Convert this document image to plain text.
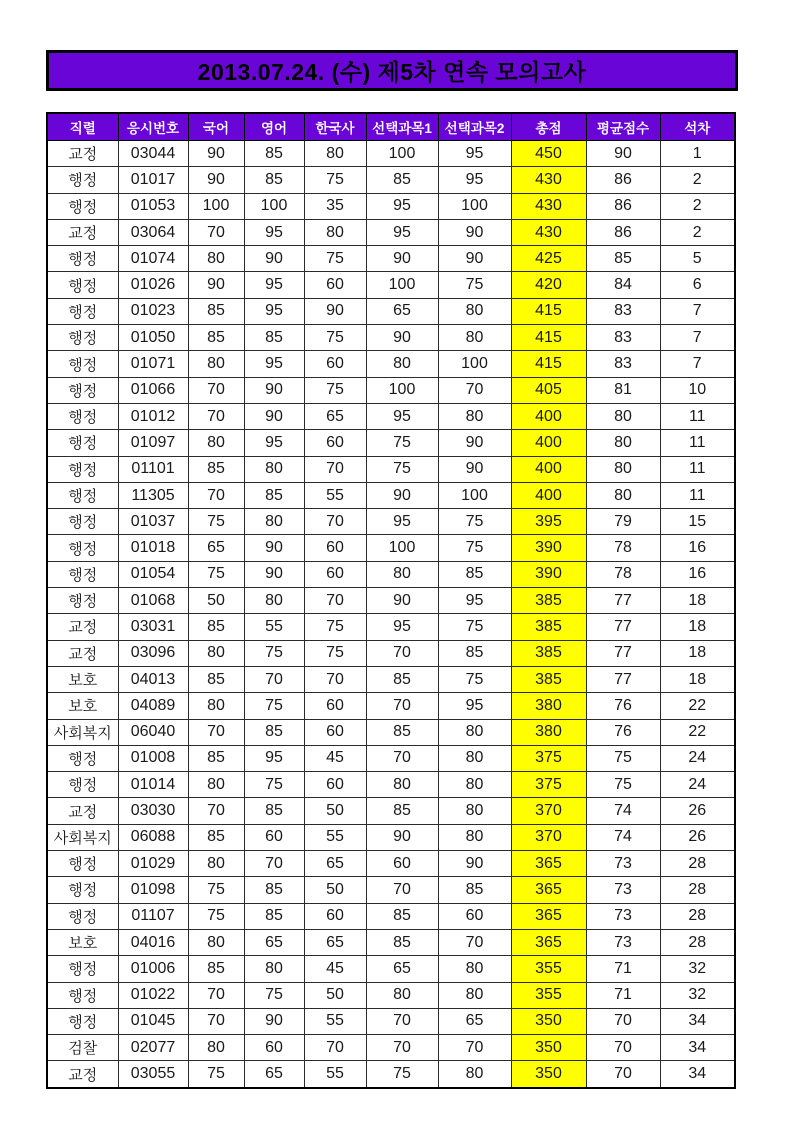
2013.07.24. (수) 제5차 연속 모의고사
직렬	응시번호	국어	영어	한국사	선택과목1	선택과목2	총점	평균점수	석차
교정	03044	90	85	80	100	95	450	90	1
행정	01017	90	85	75	85	95	430	86	2
행정	01053	100	100	35	95	100	430	86	2
교정	03064	70	95	80	95	90	430	86	2
행정	01074	80	90	75	90	90	425	85	5
행정	01026	90	95	60	100	75	420	84	6
행정	01023	85	95	90	65	80	415	83	7
행정	01050	85	85	75	90	80	415	83	7
행정	01071	80	95	60	80	100	415	83	7
행정	01066	70	90	75	100	70	405	81	10
행정	01012	70	90	65	95	80	400	80	11
행정	01097	80	95	60	75	90	400	80	11
행정	01101	85	80	70	75	90	400	80	11
행정	11305	70	85	55	90	100	400	80	11
행정	01037	75	80	70	95	75	395	79	15
행정	01018	65	90	60	100	75	390	78	16
행정	01054	75	90	60	80	85	390	78	16
행정	01068	50	80	70	90	95	385	77	18
교정	03031	85	55	75	95	75	385	77	18
교정	03096	80	75	75	70	85	385	77	18
보호	04013	85	70	70	85	75	385	77	18
보호	04089	80	75	60	70	95	380	76	22
사회복지	06040	70	85	60	85	80	380	76	22
행정	01008	85	95	45	70	80	375	75	24
행정	01014	80	75	60	80	80	375	75	24
교정	03030	70	85	50	85	80	370	74	26
사회복지	06088	85	60	55	90	80	370	74	26
행정	01029	80	70	65	60	90	365	73	28
행정	01098	75	85	50	70	85	365	73	28
행정	01107	75	85	60	85	60	365	73	28
보호	04016	80	65	65	85	70	365	73	28
행정	01006	85	80	45	65	80	355	71	32
행정	01022	70	75	50	80	80	355	71	32
행정	01045	70	90	55	70	65	350	70	34
검찰	02077	80	60	70	70	70	350	70	34
교정	03055	75	65	55	75	80	350	70	34
